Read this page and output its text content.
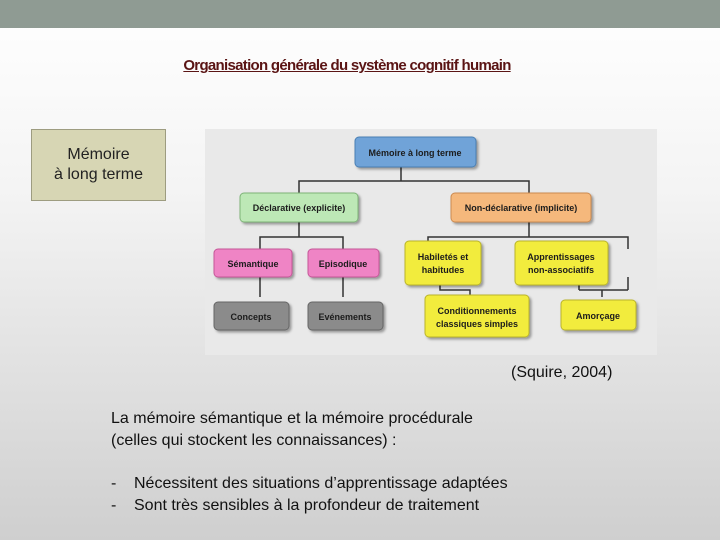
Organisation générale du système cognitif humain
Mémoire
à long terme
Mémoire à long terme
Déclarative (explicite)	Non-déclarative (implicite)
Sémantique	Episodique
Habiletés et
habitudes
Apprentissages
non-associatifs
Concepts	Evénements
Conditionnements
classiques simples
Amorçage
(Squire, 2004)
La mémoire sémantique et la mémoire procédurale
(celles qui stockent les connaissances) :
-	Nécessitent des situations d’apprentissage adaptées
-	Sont très sensibles à la profondeur de traitement
